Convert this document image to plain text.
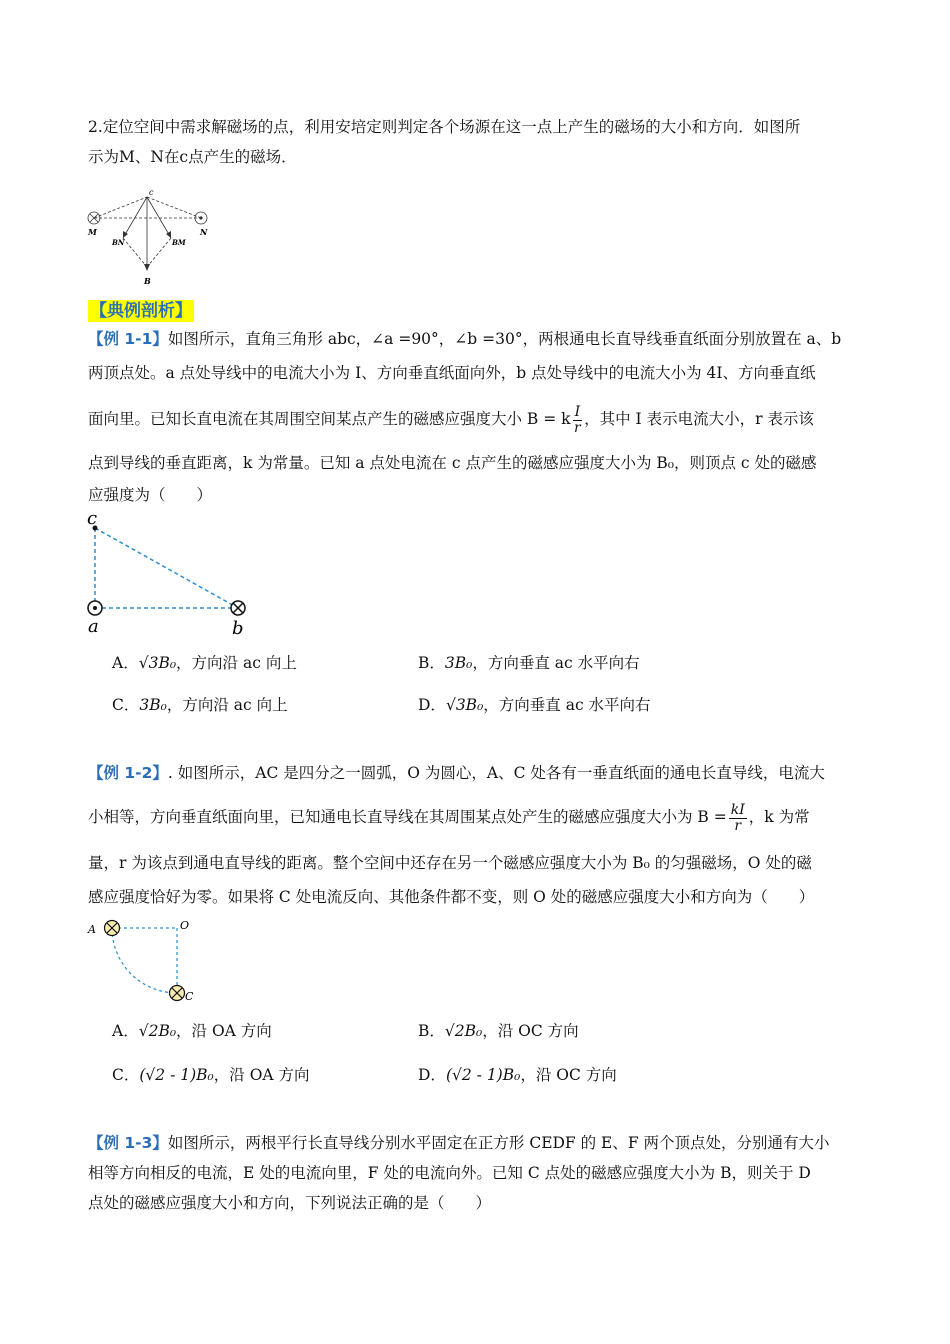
2.定位空间中需求解磁场的点，利用安培定则判定各个场源在这一点上产生的磁场的大小和方向．如图所
示为M、N在c点产生的磁场．
c
M	N
BN	BM
B
【典例剖析】
【例 1-1】如图所示，直角三角形 abc，∠a =90°，∠b =30°，两根通电长直导线垂直纸面分别放置在 a、b
两顶点处。a 点处导线中的电流大小为 I、方向垂直纸面向外，b 点处导线中的电流大小为 4I、方向垂直纸
面向里。已知长直电流在其周围空间某点产生的磁感应强度大小 B = k $\frac{I}{r}$ ，其中 I 表示电流大小，r 表示该
点到导线的垂直距离，k 为常量。已知 a 点处电流在 c 点产生的磁感应强度大小为 B₀，则顶点 c 处的磁感
应强度为（　　）
c
a	b
A．√3B₀，方向沿 ac 向上	B．3B₀，方向垂直 ac 水平向右
C．3B₀，方向沿 ac 向上	D．√3B₀，方向垂直 ac 水平向右
【例 1-2】. 如图所示，AC 是四分之一圆弧，O 为圆心，A、C 处各有一垂直纸面的通电长直导线，电流大
小相等，方向垂直纸面向里，已知通电长直导线在其周围某点处产生的磁感应强度大小为 $B = \frac{kI}{r}$ ，k 为常
量，r 为该点到通电直导线的距离。整个空间中还存在另一个磁感应强度大小为 B₀ 的匀强磁场，O 处的磁
感应强度恰好为零。如果将 C 处电流反向、其他条件都不变，则 O 处的磁感应强度大小和方向为（　　）
A	O
C
A．√2B₀，沿 OA 方向	B．√2B₀，沿 OC 方向
C．(√2 - 1)B₀，沿 OA 方向	D．(√2 - 1)B₀，沿 OC 方向
【例 1-3】如图所示，两根平行长直导线分别水平固定在正方形 CEDF 的 E、F 两个顶点处，分别通有大小
相等方向相反的电流，E 处的电流向里，F 处的电流向外。已知 C 点处的磁感应强度大小为 B，则关于 D
点处的磁感应强度大小和方向，下列说法正确的是（　　）
